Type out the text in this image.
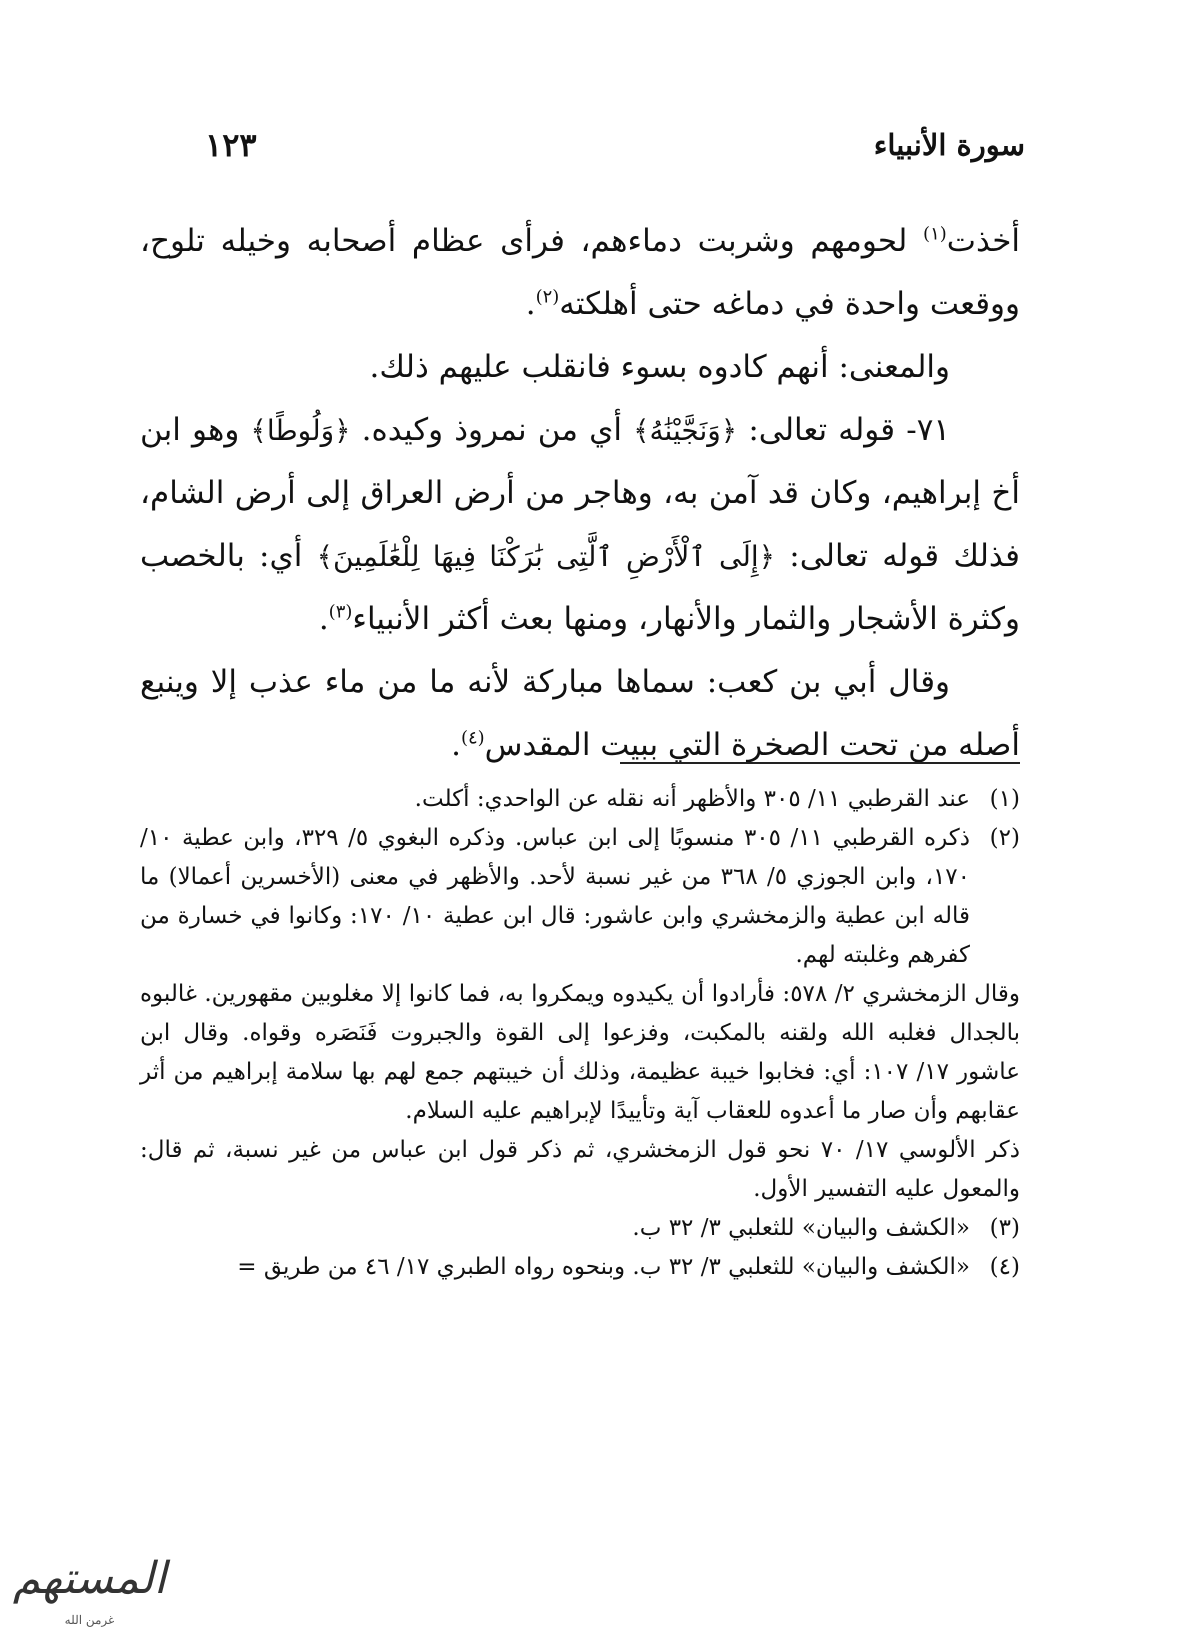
سورة الأنبياء
١٢٣

أخذت$^{(١)}$ لحومهم وشربت دماءهم، فرأى عظام أصحابه وخيله تلوح، ووقعت واحدة في دماغه حتى أهلكته$^{(٢)}$.

والمعنى: أنهم كادوه بسوء فانقلب عليهم ذلك.

٧١- قوله تعالى: ﴿وَنَجَّيْنَٰهُ﴾ أي من نمروذ وكيده. ﴿وَلُوطًا﴾ وهو ابن أخ إبراهيم، وكان قد آمن به، وهاجر من أرض العراق إلى أرض الشام، فذلك قوله تعالى: ﴿إِلَى ٱلْأَرْضِ ٱلَّتِى بَٰرَكْنَا فِيهَا لِلْعَٰلَمِينَ﴾ أي: بالخصب وكثرة الأشجار والثمار والأنهار، ومنها بعث أكثر الأنبياء$^{(٣)}$.

وقال أبي بن كعب: سماها مباركة لأنه ما من ماء عذب إلا وينبع أصله من تحت الصخرة التي ببيت المقدس$^{(٤)}$.

(١)
عند القرطبي ١١/ ٣٠٥ والأظهر أنه نقله عن الواحدي: أكلت.

(٢)
ذكره القرطبي ١١/ ٣٠٥ منسوبًا إلى ابن عباس. وذكره البغوي ٥/ ٣٢٩، وابن عطية ١٠/ ١٧٠، وابن الجوزي ٥/ ٣٦٨ من غير نسبة لأحد. والأظهر في معنى (الأخسرين أعمالا) ما قاله ابن عطية والزمخشري وابن عاشور: قال ابن عطية ١٠/ ١٧٠: وكانوا في خسارة من كفرهم وغلبته لهم.

وقال الزمخشري ٢/ ٥٧٨: فأرادوا أن يكيدوه ويمكروا به، فما كانوا إلا مغلوبين مقهورين. غالبوه بالجدال فغلبه الله ولقنه بالمكبت، وفزعوا إلى القوة والجبروت فَنَصَره وقواه. وقال ابن عاشور ١٧/ ١٠٧: أي: فخابوا خيبة عظيمة، وذلك أن خيبتهم جمع لهم بها سلامة إبراهيم من أثر عقابهم وأن صار ما أعدوه للعقاب آية وتأييدًا لإبراهيم عليه السلام.

ذكر الألوسي ١٧/ ٧٠ نحو قول الزمخشري، ثم ذكر قول ابن عباس من غير نسبة، ثم قال: والمعول عليه التفسير الأول.

(٣)
«الكشف والبيان» للثعلبي ٣/ ٣٢ ب.

(٤)
«الكشف والبيان» للثعلبي ٣/ ٣٢ ب. وبنحوه رواه الطبري ١٧/ ٤٦ من طريق =

المستهم
غرمن الله
